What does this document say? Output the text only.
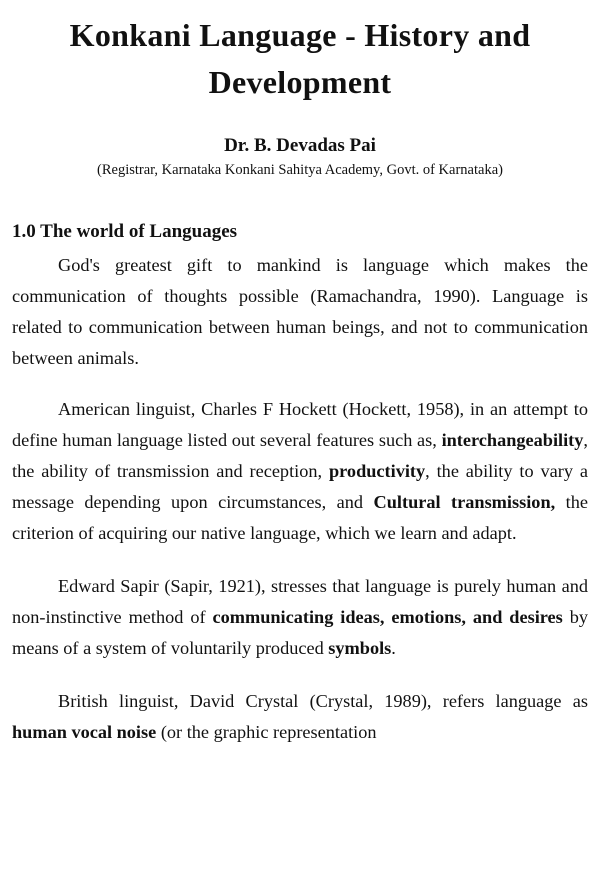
Konkani Language - History and
Development
Dr. B. Devadas Pai
(Registrar, Karnataka Konkani Sahitya Academy, Govt. of Karnataka)
1.0 The world of Languages

God's greatest gift to mankind is language which makes the communication of thoughts possible (Ramachandra, 1990). Language is related to communication between human beings, and not to communication between animals.

American linguist, Charles F Hockett (Hockett, 1958), in an attempt to define human language listed out several features such as, interchangeability, the ability of transmission and reception, productivity, the ability to vary a message depending upon circumstances, and Cultural transmission, the criterion of acquiring our native language, which we learn and adapt.

Edward Sapir (Sapir, 1921), stresses that language is purely human and non-instinctive method of communicating ideas, emotions, and desires by means of a system of voluntarily produced symbols.

British linguist, David Crystal (Crystal, 1989), refers language as human vocal noise (or the graphic representation
